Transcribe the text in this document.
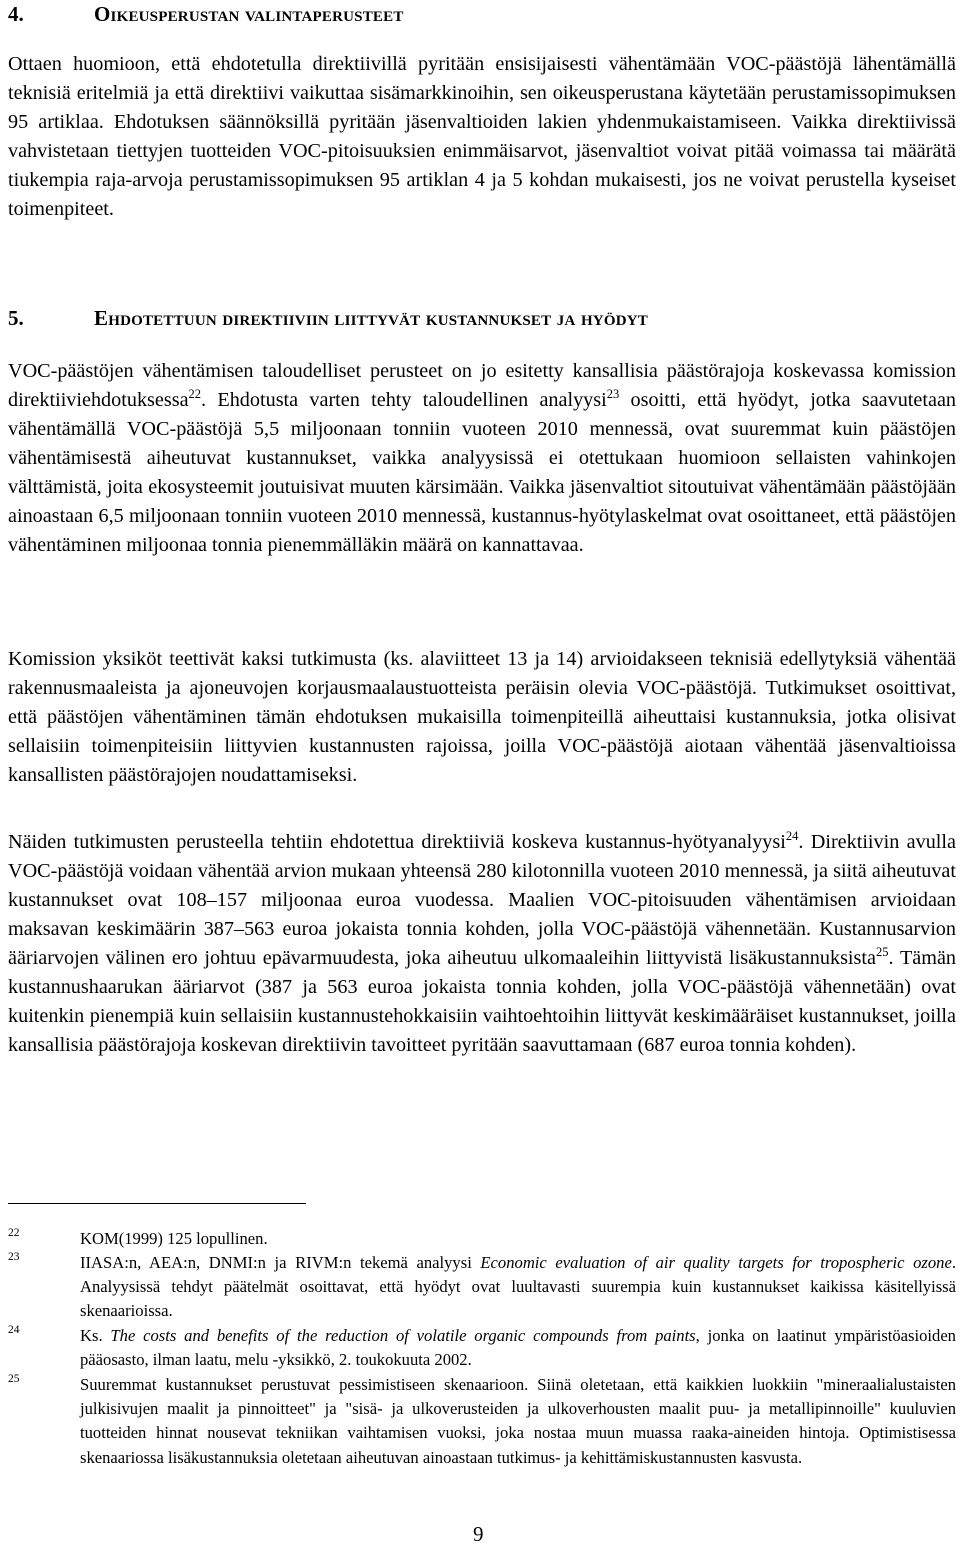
4.	Oikeusperustan valintaperusteet
Ottaen huomioon, että ehdotetulla direktiivillä pyritään ensisijaisesti vähentämään VOC-päästöjä lähentämällä teknisiä eritelmiä ja että direktiivi vaikuttaa sisämarkkinoihin, sen oikeusperustana käytetään perustamissopimuksen 95 artiklaa. Ehdotuksen säännöksillä pyritään jäsenvaltioiden lakien yhdenmukaistamiseen. Vaikka direktiivissä vahvistetaan tiettyjen tuotteiden VOC-pitoisuuksien enimmäisarvot, jäsenvaltiot voivat pitää voimassa tai määrätä tiukempia raja-arvoja perustamissopimuksen 95 artiklan 4 ja 5 kohdan mukaisesti, jos ne voivat perustella kyseiset toimenpiteet.
5.	Ehdotettuun direktiiviin liittyvät kustannukset ja hyödyt
VOC-päästöjen vähentämisen taloudelliset perusteet on jo esitetty kansallisia päästörajoja koskevassa komission direktiiviehdotuksessa$^{22}$. Ehdotusta varten tehty taloudellinen analyysi$^{23}$ osoitti, että hyödyt, jotka saavutetaan vähentämällä VOC-päästöjä 5,5 miljoonaan tonniin vuoteen 2010 mennessä, ovat suuremmat kuin päästöjen vähentämisestä aiheutuvat kustannukset, vaikka analyysissä ei otettukaan huomioon sellaisten vahinkojen välttämistä, joita ekosysteemit joutuisivat muuten kärsimään. Vaikka jäsenvaltiot sitoutuivat vähentämään päästöjään ainoastaan 6,5 miljoonaan tonniin vuoteen 2010 mennessä, kustannus-hyötylaskelmat ovat osoittaneet, että päästöjen vähentäminen miljoonaa tonnia pienemmälläkin määrä on kannattavaa.
Komission yksiköt teettivät kaksi tutkimusta (ks. alaviitteet 13 ja 14) arvioidakseen teknisiä edellytyksiä vähentää rakennusmaaleista ja ajoneuvojen korjausmaalaustuotteista peräisin olevia VOC-päästöjä. Tutkimukset osoittivat, että päästöjen vähentäminen tämän ehdotuksen mukaisilla toimenpiteillä aiheuttaisi kustannuksia, jotka olisivat sellaisiin toimenpiteisiin liittyvien kustannusten rajoissa, joilla VOC-päästöjä aiotaan vähentää jäsenvaltioissa kansallisten päästörajojen noudattamiseksi.
Näiden tutkimusten perusteella tehtiin ehdotettua direktiiviä koskeva kustannus-hyötyanalyysi$^{24}$. Direktiivin avulla VOC-päästöjä voidaan vähentää arvion mukaan yhteensä 280 kilotonnilla vuoteen 2010 mennessä, ja siitä aiheutuvat kustannukset ovat 108–157 miljoonaa euroa vuodessa. Maalien VOC-pitoisuuden vähentämisen arvioidaan maksavan keskimäärin 387–563 euroa jokaista tonnia kohden, jolla VOC-päästöjä vähennetään. Kustannusarvion ääriarvojen välinen ero johtuu epävarmuudesta, joka aiheutuu ulkomaaleihin liittyvistä lisäkustannuksista$^{25}$. Tämän kustannushaarukan ääriarvot (387 ja 563 euroa jokaista tonnia kohden, jolla VOC-päästöjä vähennetään) ovat kuitenkin pienempiä kuin sellaisiin kustannustehokkaisiin vaihtoehtoihin liittyvät keskimääräiset kustannukset, joilla kansallisia päästörajoja koskevan direktiivin tavoitteet pyritään saavuttamaan (687 euroa tonnia kohden).
22	KOM(1999) 125 lopullinen.
23	IIASA:n, AEA:n, DNMI:n ja RIVM:n tekemä analyysi Economic evaluation of air quality targets for tropospheric ozone. Analyysissä tehdyt päätelmät osoittavat, että hyödyt ovat luultavasti suurempia kuin kustannukset kaikissa käsitellyissä skenaarioissa.
24	Ks. The costs and benefits of the reduction of volatile organic compounds from paints, jonka on laatinut ympäristöasioiden pääosasto, ilman laatu, melu -yksikkö, 2. toukokuuta 2002.
25	Suuremmat kustannukset perustuvat pessimistiseen skenaarioon. Siinä oletetaan, että kaikkien luokkiin "mineraalialustaisten julkisivujen maalit ja pinnoitteet" ja "sisä- ja ulkoverusteiden ja ulkoverhousten maalit puu- ja metallipinnoille" kuuluvien tuotteiden hinnat nousevat tekniikan vaihtamisen vuoksi, joka nostaa muun muassa raaka-aineiden hintoja. Optimistisessa skenaariossa lisäkustannuksia oletetaan aiheutuvan ainoastaan tutkimus- ja kehittämiskustannusten kasvusta.
9
